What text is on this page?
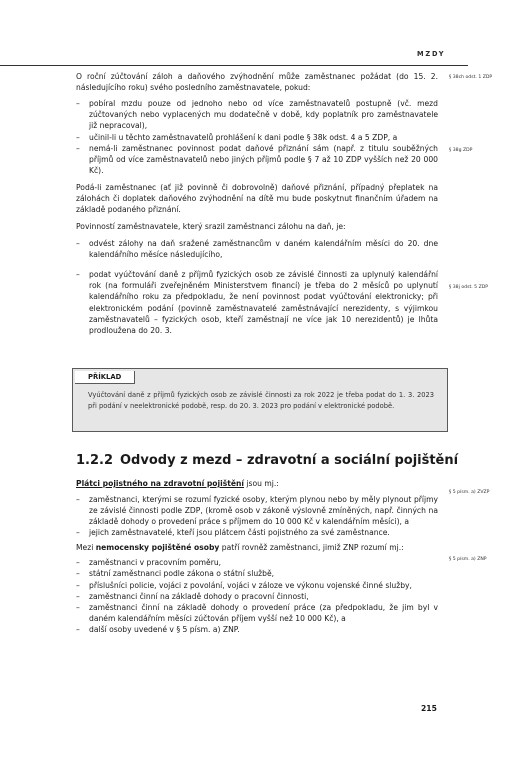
MZDY

O roční zúčtování záloh a daňového zvýhodnění může zaměstnanec požádat (do 15. 2. následujícího roku) svého posledního zaměstnavatele, pokud:

– pobíral mzdu pouze od jednoho nebo od více zaměstnavatelů postupně (vč. mezd zúčtovaných nebo vyplacených mu dodatečně v době, kdy poplatník pro zaměstnavatele již nepracoval),
– učinil-li u těchto zaměstnavatelů prohlášení k dani podle § 38k odst. 4 a 5 ZDP, a
– nemá-li zaměstnanec povinnost podat daňové přiznání sám (např. z titulu souběžných příjmů od více zaměstnavatelů nebo jiných příjmů podle § 7 až 10 ZDP vyšších než 20 000 Kč).

Podá-li zaměstnanec (ať již povinně či dobrovolně) daňové přiznání, případný přeplatek na zálohách či doplatek daňového zvýhodnění na dítě mu bude poskytnut finančním úřadem na základě podaného přiznání.

Povinností zaměstnavatele, který srazil zaměstnanci zálohu na daň, je:

– odvést zálohy na daň sražené zaměstnancům v daném kalendářním měsíci do 20. dne kalendářního měsíce následujícího,
– podat vyúčtování daně z příjmů fyzických osob ze závislé činnosti za uplynulý kalendářní rok (na formuláři zveřejněném Ministerstvem financí) je třeba do 2 měsíců po uplynutí kalendářního roku za předpokladu, že není povinnost podat vyúčtování elektronicky; při elektronickém podání (povinně zaměstnavatelé zaměstnávající nerezidenty, s výjimkou zaměstnavatelů – fyzických osob, kteří zaměstnají ne více jak 10 nerezidentů) je lhůta prodloužena do 20. 3.
§ 38ch odst. 1 ZDP
§ 38g ZDP
§ 38j odst. 5 ZDP
§ 5 písm. a) ZVZP
§ 5 písm. a) ZNP
PŘÍKLAD
Vyúčtování daně z příjmů fyzických osob ze závislé činnosti za rok 2022 je třeba podat do 1. 3. 2023 při podání v neelektronické podobě, resp. do 20. 3. 2023 pro podání v elektronické podobě.
1.2.2 Odvody z mezd – zdravotní a sociální pojištění

Plátci pojistného na zdravotní pojištění jsou mj.:

– zaměstnanci, kterými se rozumí fyzické osoby, kterým plynou nebo by měly plynout příjmy ze závislé činnosti podle ZDP, (kromě osob v zákoně výslovně zmíněných, např. činných na základě dohody o provedení práce s příjmem do 10 000 Kč v kalendářním měsíci), a
– jejich zaměstnavatelé, kteří jsou plátcem části pojistného za své zaměstnance.

Mezi nemocensky pojištěné osoby patří rovněž zaměstnanci, jimiž ZNP rozumí mj.:

– zaměstnanci v pracovním poměru,
– státní zaměstnanci podle zákona o státní službě,
– příslušníci policie, vojáci z povolání, vojáci v záloze ve výkonu vojenské činné služby,
– zaměstnanci činní na základě dohody o pracovní činnosti,
– zaměstnanci činní na základě dohody o provedení práce (za předpokladu, že jim byl v daném kalendářním měsíci zúčtován příjem vyšší než 10 000 Kč), a
– další osoby uvedené v § 5 písm. a) ZNP.
215
